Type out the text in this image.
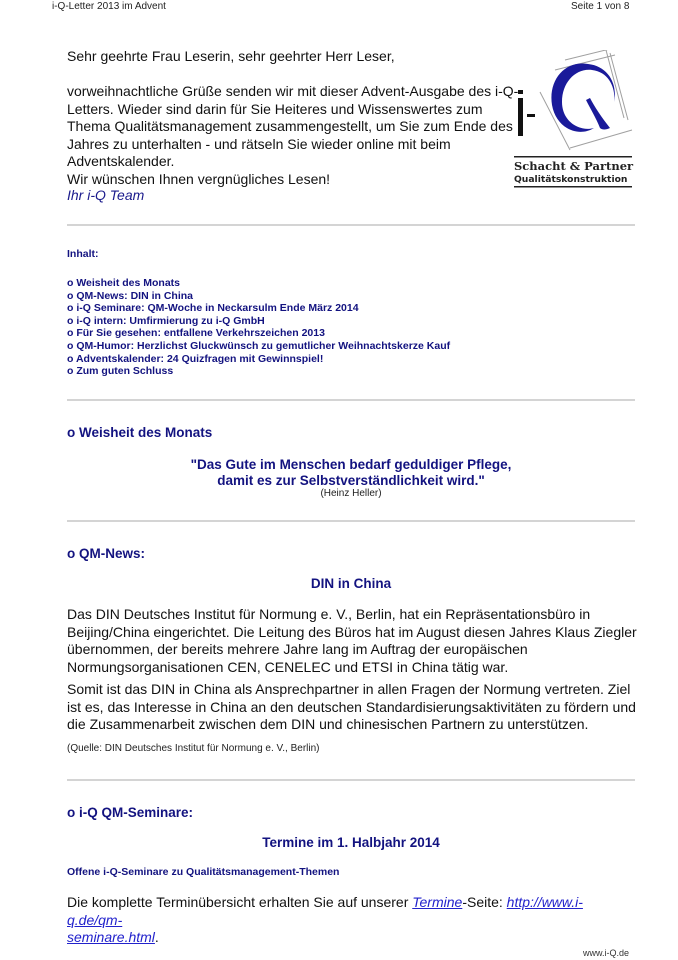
i-Q-Letter 2013 im Advent	Seite 1 von 8
Schacht & Partner
Qualitätskonstruktion
Sehr geehrte Frau Leserin, sehr geehrter Herr Leser,
vorweihnachtliche Grüße senden wir mit dieser Advent-Ausgabe des i-Q-
Letters. Wieder sind darin für Sie Heiteres und Wissenswertes zum
Thema Qualitätsmanagement zusammengestellt, um Sie zum Ende des
Jahres zu unterhalten - und rätseln Sie wieder online mit beim
Adventskalender.
Wir wünschen Ihnen vergnügliches Lesen!
Ihr i-Q Team
Inhalt:
o Weisheit des Monats
o QM-News: DIN in China
o i-Q Seminare: QM-Woche in Neckarsulm Ende März 2014
o i-Q intern: Umfirmierung zu i-Q GmbH
o Für Sie gesehen: entfallene Verkehrszeichen 2013
o QM-Humor: Herzlichst Gluckwünsch zu gemutlicher Weihnachtskerze Kauf
o Adventskalender: 24 Quizfragen mit Gewinnspiel!
o Zum guten Schluss
o Weisheit des Monats
"Das Gute im Menschen bedarf geduldiger Pflege,
damit es zur Selbstverständlichkeit wird."
(Heinz Heller)
o QM-News:
DIN in China
Das DIN Deutsches Institut für Normung e. V., Berlin, hat ein Repräsentationsbüro in
Beijing/China eingerichtet. Die Leitung des Büros hat im August diesen Jahres Klaus Ziegler
übernommen, der bereits mehrere Jahre lang im Auftrag der europäischen
Normungsorganisationen CEN, CENELEC und ETSI in China tätig war.
Somit ist das DIN in China als Ansprechpartner in allen Fragen der Normung vertreten. Ziel
ist es, das Interesse in China an den deutschen Standardisierungsaktivitäten zu fördern und
die Zusammenarbeit zwischen dem DIN und chinesischen Partnern zu unterstützen.
(Quelle: DIN Deutsches Institut für Normung e. V., Berlin)
o i-Q QM-Seminare:
Termine im 1. Halbjahr 2014
Offene i-Q-Seminare zu Qualitätsmanagement-Themen
Die komplette Terminübersicht erhalten Sie auf unserer Termine-Seite: http://www.i-q.de/qm-
seminare.html.
www.i-Q.de
